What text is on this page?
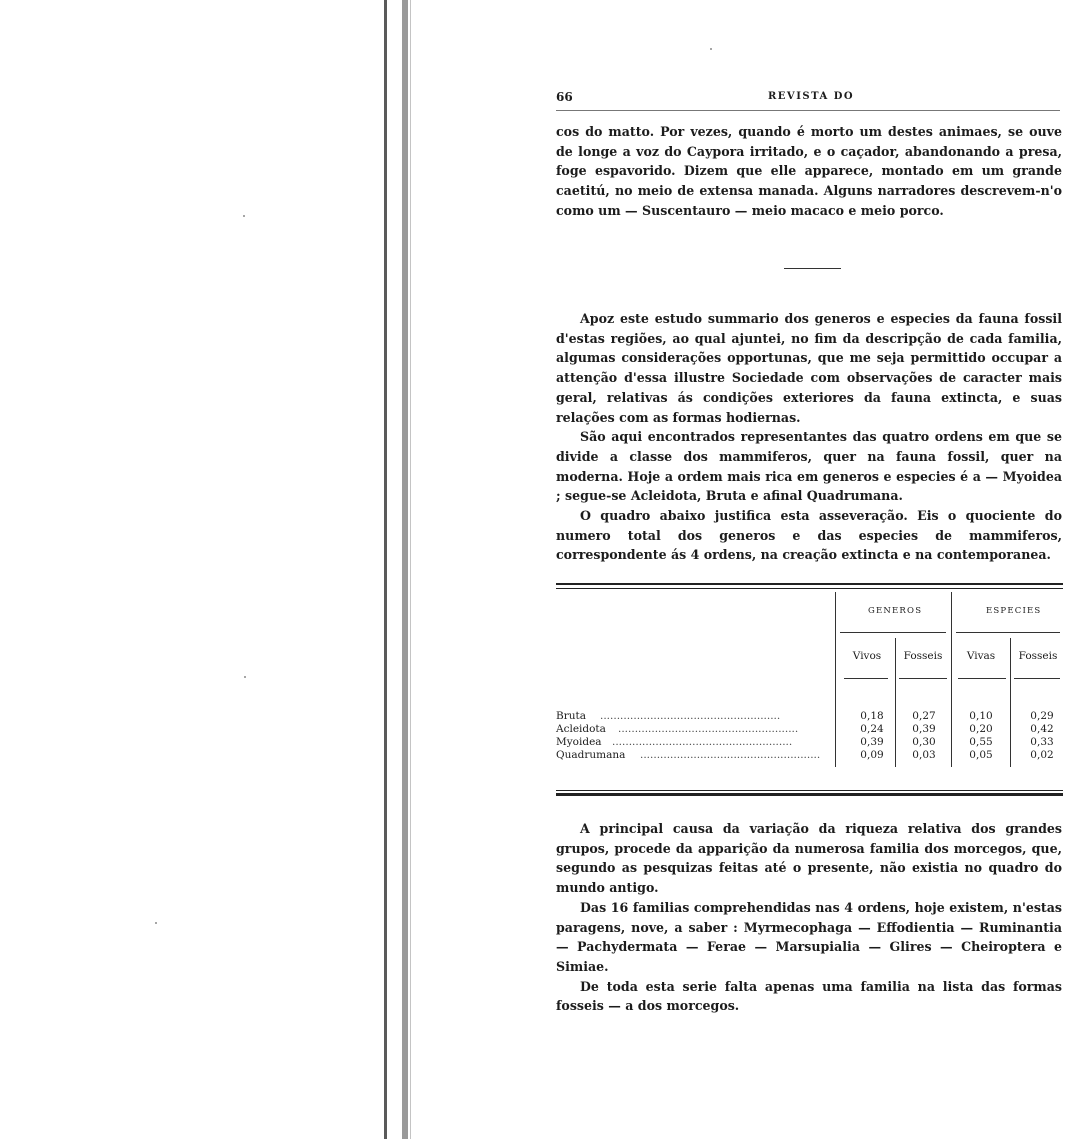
66	REVISTA DO

cos do matto. Por vezes, quando é morto um destes animaes, se ouve de longe a voz do Caypora irritado, e o caçador, abandonando a presa, foge espavorido. Dizem que elle apparece, montado em um grande caetitú, no meio de extensa manada. Alguns narradores descrevem-n'o como um — Suscentauro — meio macaco e meio porco.

Apoz este estudo summario dos generos e especies da fauna fossil d'estas regiões, ao qual ajuntei, no fim da descripção de cada familia, algumas considerações opportunas, que me seja permittido occupar a attenção d'essa illustre Sociedade com observações de caracter mais geral, relativas ás condições exteriores da fauna extincta, e suas relações com as formas hodiernas.

São aqui encontrados representantes das quatro ordens em que se divide a classe dos mammiferos, quer na fauna fossil, quer na moderna. Hoje a ordem mais rica em generos e especies é a — Myoidea ; segue-se Acleidota, Bruta e afinal Quadrumana.

O quadro abaixo justifica esta asseveração. Eis o quociente do numero total dos generos e das especies de mammiferos, correspondente ás 4 ordens, na creação extincta e na contemporanea.

GENEROS	ESPECIES
Vivos	Fosseis	Vivas	Fosseis
Bruta ......................................................	0,18	0,27	0,10	0,29
Acleidota ......................................................	0,24	0,39	0,20	0,42
Myoidea ......................................................	0,39	0,30	0,55	0,33
Quadrumana ......................................................	0,09	0,03	0,05	0,02

A principal causa da variação da riqueza relativa dos grandes grupos, procede da apparição da numerosa familia dos morcegos, que, segundo as pesquizas feitas até o presente, não existia no quadro do mundo antigo.

Das 16 familias comprehendidas nas 4 ordens, hoje existem, n'estas paragens, nove, a saber : Myrmecophaga — Effodientia — Ruminantia — Pachydermata — Ferae — Marsupialia — Glires — Cheiroptera e Simiae.

De toda esta serie falta apenas uma familia na lista das formas fosseis — a dos morcegos.
